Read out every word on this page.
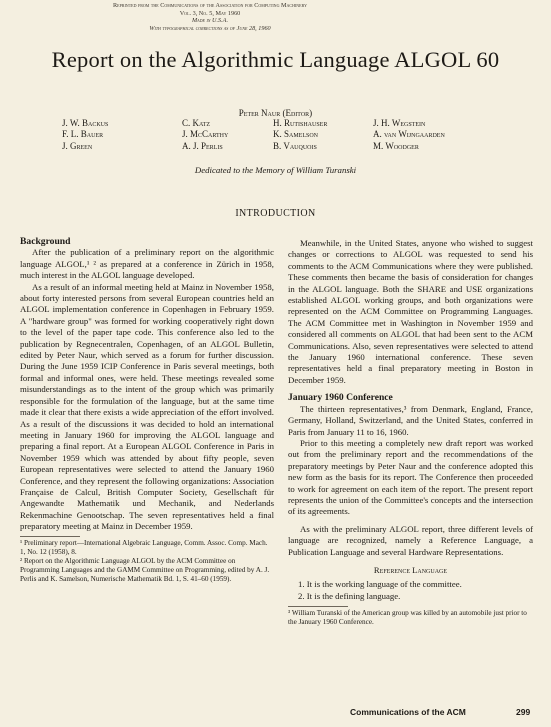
Reprinted from the Communications of the Association for Computing Machinery
Vol. 3, No. 5, May 1960
Made in U.S.A.
With typographical corrections as of June 28, 1960
Report on the Algorithmic Language ALGOL 60
Peter Naur (Editor)
J. W. Backus
F. L. Bauer
J. Green
C. Katz
J. McCarthy
A. J. Perlis
H. Rutishauser
K. Samelson
B. Vauquois
J. H. Wegstein
A. van Wijngaarden
M. Woodger
Dedicated to the Memory of William Turanski
INTRODUCTION
Background

After the publication of a preliminary report on the algorithmic language ALGOL,¹ ² as prepared at a conference in Zürich in 1958, much interest in the ALGOL language developed.

As a result of an informal meeting held at Mainz in November 1958, about forty interested persons from several European countries held an ALGOL implementation conference in Copenhagen in February 1959. A "hardware group" was formed for working cooperatively right down to the level of the paper tape code. This conference also led to the publication by Regnecentralen, Copenhagen, of an ALGOL Bulletin, edited by Peter Naur, which served as a forum for further discussion. During the June 1959 ICIP Conference in Paris several meetings, both formal and informal ones, were held. These meetings revealed some misunderstandings as to the intent of the group which was primarily responsible for the formulation of the language, but at the same time made it clear that there exists a wide appreciation of the effort involved. As a result of the discussions it was decided to hold an international meeting in January 1960 for improving the ALGOL language and preparing a final report. At a European ALGOL Conference in Paris in November 1959 which was attended by about fifty people, seven European representatives were selected to attend the January 1960 Conference, and they represent the following organizations: Association Française de Calcul, British Computer Society, Gesellschaft für Angewandte Mathematik und Mechanik, and Nederlands Rekenmachine Genootschap. The seven representatives held a final preparatory meeting at Mainz in December 1959.

¹ Preliminary report—International Algebraic Language, Comm. Assoc. Comp. Mach. 1, No. 12 (1958), 8.

² Report on the Algorithmic Language ALGOL by the ACM Committee on Programming Languages and the GAMM Committee on Programming, edited by A. J. Perlis and K. Samelson, Numerische Mathematik Bd. 1, S. 41–60 (1959).

Meanwhile, in the United States, anyone who wished to suggest changes or corrections to ALGOL was requested to send his comments to the ACM Communications where they were published. These comments then became the basis of consideration for changes in the ALGOL language. Both the SHARE and USE organizations established ALGOL working groups, and both organizations were represented on the ACM Committee on Programming Languages. The ACM Committee met in Washington in November 1959 and considered all comments on ALGOL that had been sent to the ACM Communications. Also, seven representatives were selected to attend the January 1960 international conference. These seven representatives held a final preparatory meeting in Boston in December 1959.

January 1960 Conference

The thirteen representatives,³ from Denmark, England, France, Germany, Holland, Switzerland, and the United States, conferred in Paris from January 11 to 16, 1960.

Prior to this meeting a completely new draft report was worked out from the preliminary report and the recommendations of the preparatory meetings by Peter Naur and the conference adopted this new form as the basis for its report. The Conference then proceeded to work for agreement on each item of the report. The present report represents the union of the Committee's concepts and the intersection of its agreements.

As with the preliminary ALGOL report, three different levels of language are recognized, namely a Reference Language, a Publication Language and several Hardware Representations.

Reference Language
1. It is the working language of the committee.
2. It is the defining language.

³ William Turanski of the American group was killed by an automobile just prior to the January 1960 Conference.

Communications of the ACM	299
